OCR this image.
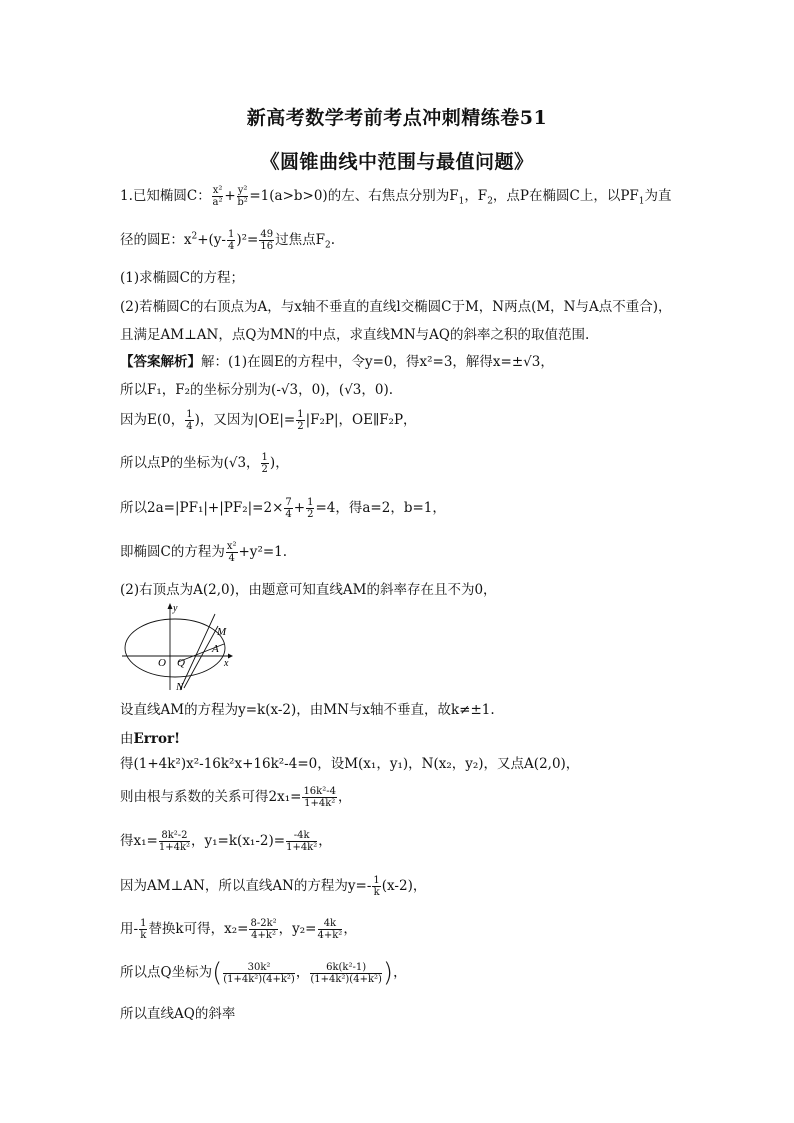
新高考数学考前考点冲刺精练卷51
《圆锥曲线中范围与最值问题》
1.已知椭圆C： $\frac{\text{x²}}{\text{a²}} + \frac{\text{y²}}{\text{b²}} =1(a>b>0)$的左、右焦点分别为$F_1$，$F_2$，点P在椭圆C上，以$PF_1$为直
径的圆E：$x^2+(y- \frac{1}{4} )^2= \frac{49}{16}$ 过焦点$F_2$.
(1)求椭圆C的方程；
(2)若椭圆C的右顶点为A，与x轴不垂直的直线l交椭圆C于M，N两点(M，N与A点不重合)，
且满足AM⊥AN，点Q为MN的中点，求直线MN与AQ的斜率之积的取值范围.
【答案解析】解：(1)在圆E的方程中，令y=0，得x²=3，解得x=±√3，
所以F₁，F₂的坐标分别为(-√3，0)，(√3，0).
因为E(0， $\frac{1}{4}$ )，又因为$|OE|= \frac{1}{2} |F_2P|$，OE∥F₂P，
所以点P的坐标为(√3， $\frac{1}{2}$ )，
所以$2a=|PF_1|+|PF_2|=2\times \frac{7}{4} + \frac{1}{2} =4$，得a=2，b=1，
即椭圆C的方程为 $\frac{\text{x²}}{4} +y^2=1$.
(2)右顶点为A(2,0)，由题意可知直线AM的斜率存在且不为0，
y
x
O Q
A
M
N
设直线AM的方程为y=k(x-2)，由MN与x轴不垂直，故k≠±1.
由Error!
得(1+4k²)x²-16k²x+16k²-4=0，设M(x₁，y₁)，N(x₂，y₂)，又点A(2,0)，
则由根与系数的关系可得$2x_1= \frac{\text{16k²-4}}{\text{1+4k²}}$ ，
得$x_1= \frac{\text{8k²-2}}{\text{1+4k²}}$ ，$y_1=k(x_1-2)= \frac{-4k}{\text{1+4k²}}$ ，
因为AM⊥AN，所以直线AN的方程为$y=- \frac{1}{k} (x-2)$，
用- $\frac{1}{k}$ 替换k可得，$x_2= \frac{\text{8-2k²}}{\text{4+k²}}$ ，$y_2= \frac{4k}{\text{4+k²}}$ ，
所以点Q坐标为( $\frac{\text{30k²}}{\text{(1+4k²)(4+k²)}}$ ， $\frac{\text{6k(k²-1)}}{\text{(1+4k²)(4+k²)}}$ )，
所以直线AQ的斜率
